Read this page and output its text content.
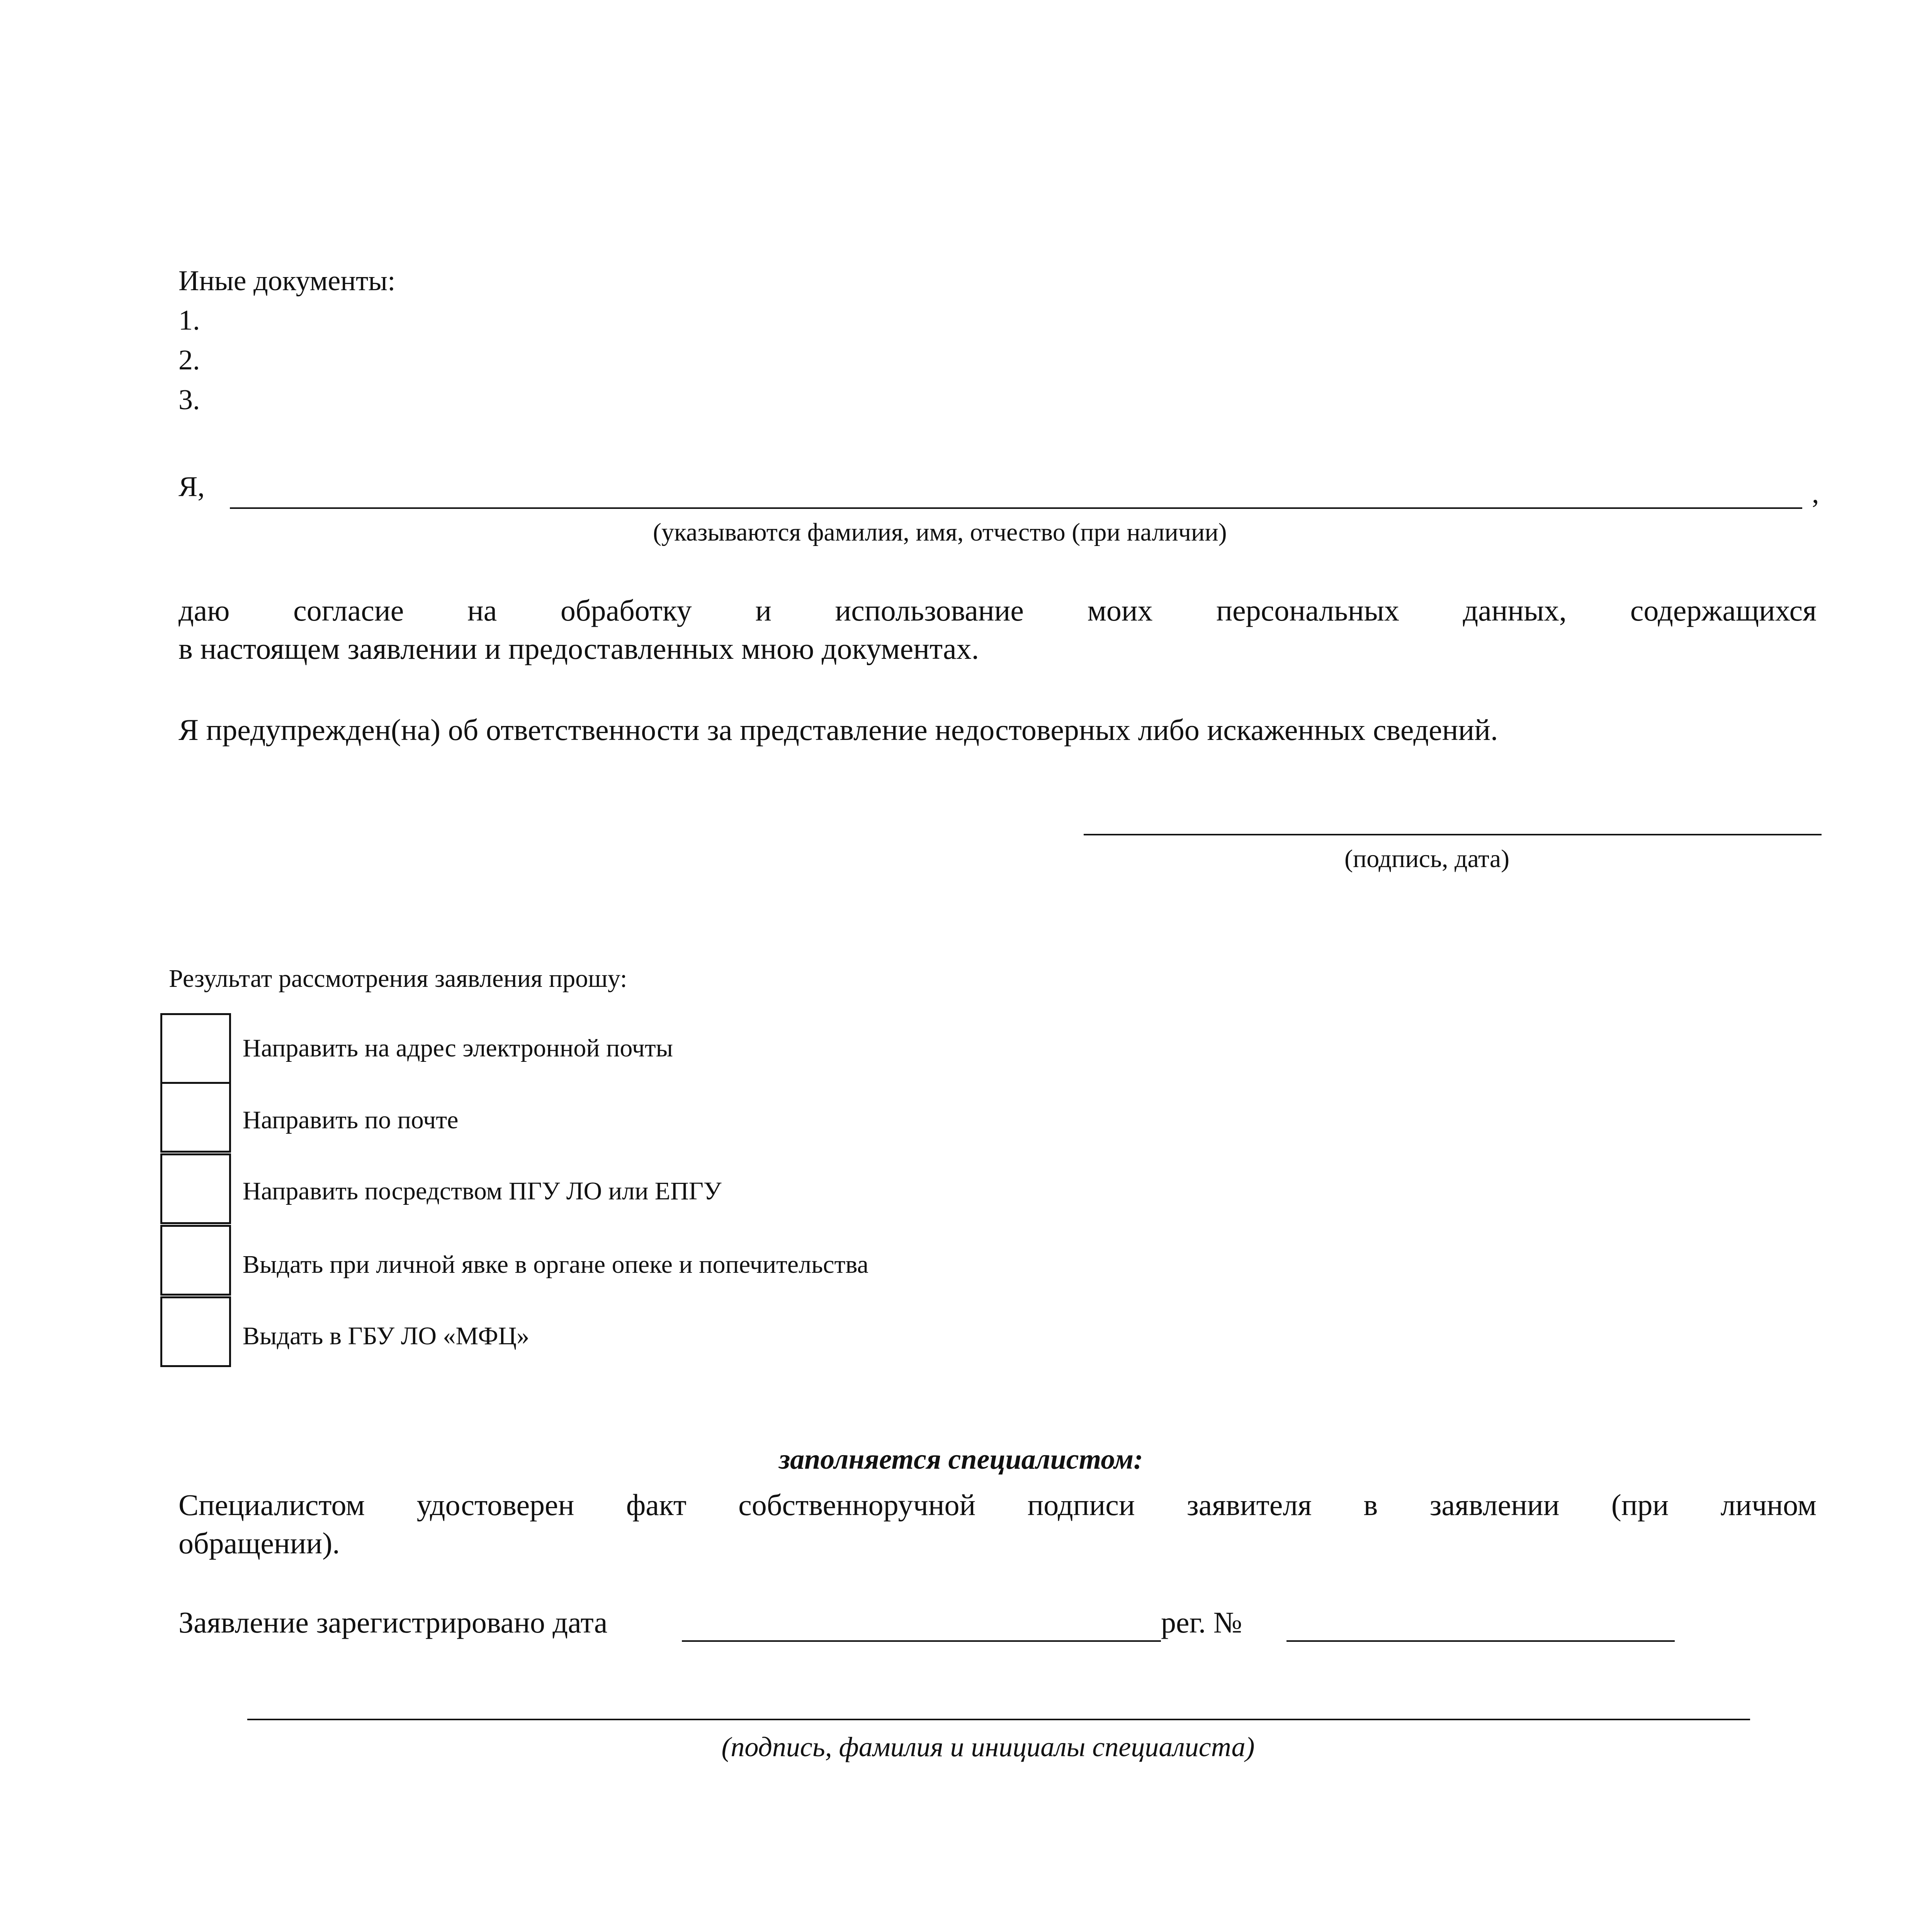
Иные документы:
1.
2.
3.
Я,	,
(указываются фамилия, имя, отчество (при наличии)
даю согласие на обработку и использование моих персональных данных, содержащихся
в настоящем заявлении и предоставленных мною документах.
Я предупрежден(на) об ответственности за представление недостоверных либо искаженных сведений.
(подпись, дата)
Результат рассмотрения заявления прошу:
Направить на адрес электронной почты
Направить по почте
Направить посредством ПГУ ЛО или ЕПГУ
Выдать при личной явке в органе опеке и попечительства
Выдать в ГБУ ЛО «МФЦ»
заполняется специалистом:
Специалистом удостоверен факт собственноручной подписи заявителя в заявлении (при личном
обращении).
Заявление зарегистрировано дата	рег. №
(подпись, фамилия и инициалы специалиста)
